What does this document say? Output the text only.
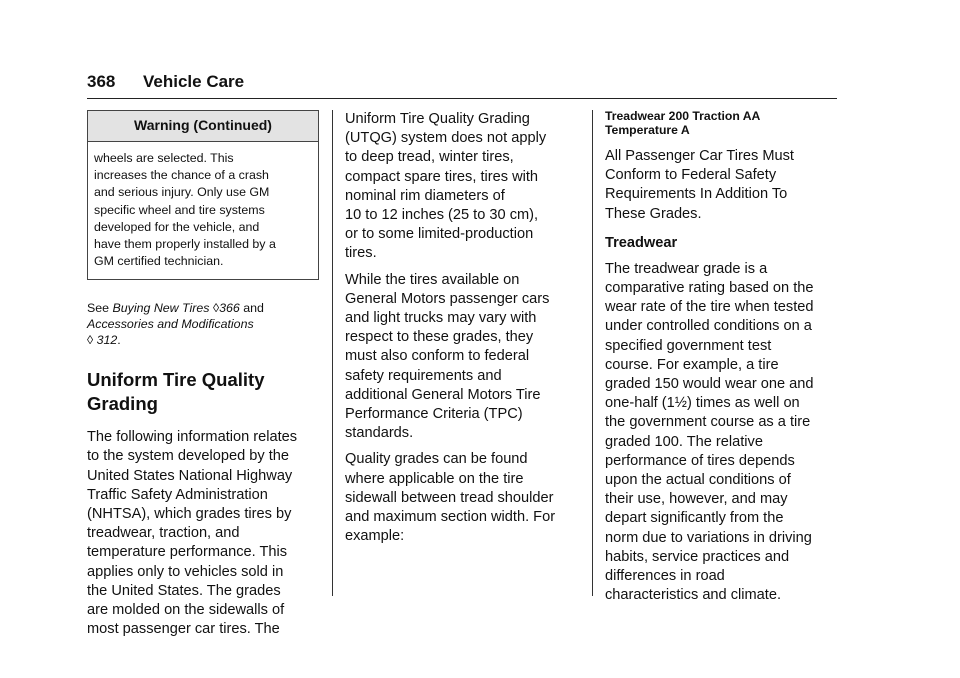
368 Vehicle Care
Warning (Continued)
wheels are selected. This
increases the chance of a crash
and serious injury. Only use GM
specific wheel and tire systems
developed for the vehicle, and
have them properly installed by a
GM certified technician.
See Buying New Tires ◊366 and
Accessories and Modifications
◊ 312.
Uniform Tire Quality
Grading

The following information relates
to the system developed by the
United States National Highway
Traffic Safety Administration
(NHTSA), which grades tires by
treadwear, traction, and
temperature performance. This
applies only to vehicles sold in
the United States. The grades
are molded on the sidewalls of
most passenger car tires. The

Uniform Tire Quality Grading
(UTQG) system does not apply
to deep tread, winter tires,
compact spare tires, tires with
nominal rim diameters of
10 to 12 inches (25 to 30 cm),
or to some limited-production
tires.

While the tires available on
General Motors passenger cars
and light trucks may vary with
respect to these grades, they
must also conform to federal
safety requirements and
additional General Motors Tire
Performance Criteria (TPC)
standards.

Quality grades can be found
where applicable on the tire
sidewall between tread shoulder
and maximum section width. For
example:

Treadwear 200 Traction AA
Temperature A

All Passenger Car Tires Must
Conform to Federal Safety
Requirements In Addition To
These Grades.

Treadwear

The treadwear grade is a
comparative rating based on the
wear rate of the tire when tested
under controlled conditions on a
specified government test
course. For example, a tire
graded 150 would wear one and
one-half (1½) times as well on
the government course as a tire
graded 100. The relative
performance of tires depends
upon the actual conditions of
their use, however, and may
depart significantly from the
norm due to variations in driving
habits, service practices and
differences in road
characteristics and climate.
